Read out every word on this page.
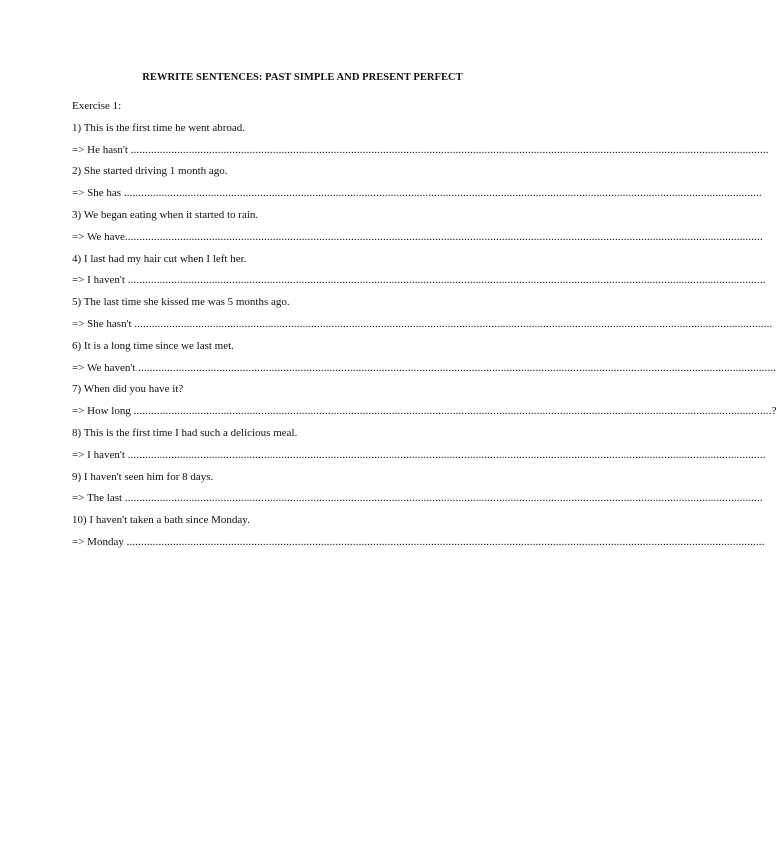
REWRITE SENTENCES: PAST SIMPLE AND PRESENT PERFECT
Exercise 1:
1) This is the first time he went abroad.
=> He hasn't ............................................................................................................................................................................................................................
2) She started driving 1 month ago.
=> She has ............................................................................................................................................................................................................................
3) We began eating when it started to rain.
=> We have ............................................................................................................................................................................................................................
4) I last had my hair cut when I left her.
=> I haven't ............................................................................................................................................................................................................................
5) The last time she kissed me was 5 months ago.
=> She hasn't ............................................................................................................................................................................................................................
6) It is a long time since we last met.
=> We haven't ............................................................................................................................................................................................................................
7) When did you have it?
=> How long ............................................................................................................................................................................................................................ ?
8) This is the first time I had such a delicious meal.
=> I haven't ............................................................................................................................................................................................................................
9) I haven't seen him for 8 days.
=> The last ............................................................................................................................................................................................................................
10) I haven't taken a bath since Monday.
=> Monday ............................................................................................................................................................................................................................
